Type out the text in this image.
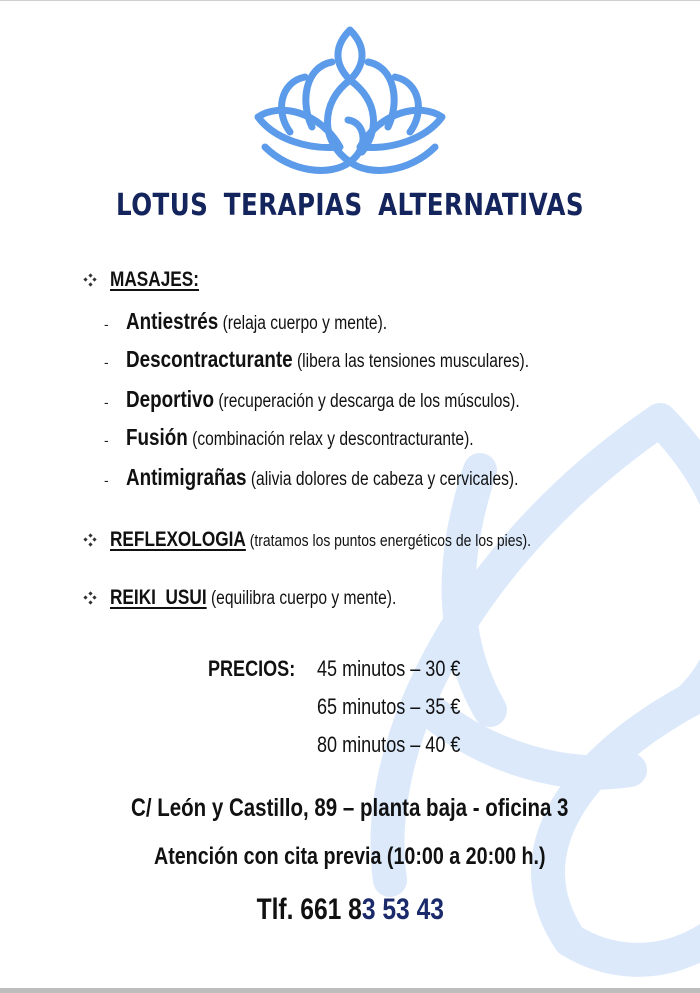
LOTUS TERAPIAS ALTERNATIVAS
MASAJES:
- Antiestrés (relaja cuerpo y mente).
- Descontracturante (libera las tensiones musculares).
- Deportivo (recuperación y descarga de los músculos).
- Fusión (combinación relax y descontracturante).
- Antimigrañas (alivia dolores de cabeza y cervicales).
REFLEXOLOGIA (tratamos los puntos energéticos de los pies).
REIKI  USUI (equilibra cuerpo y mente).
PRECIOS: 45 minutos – 30 €
65 minutos – 35 €
80 minutos – 40 €
C/ León y Castillo, 89 – planta baja - oficina 3
Atención con cita previa (10:00 a 20:00 h.)
Tlf. 661 83 53 43
